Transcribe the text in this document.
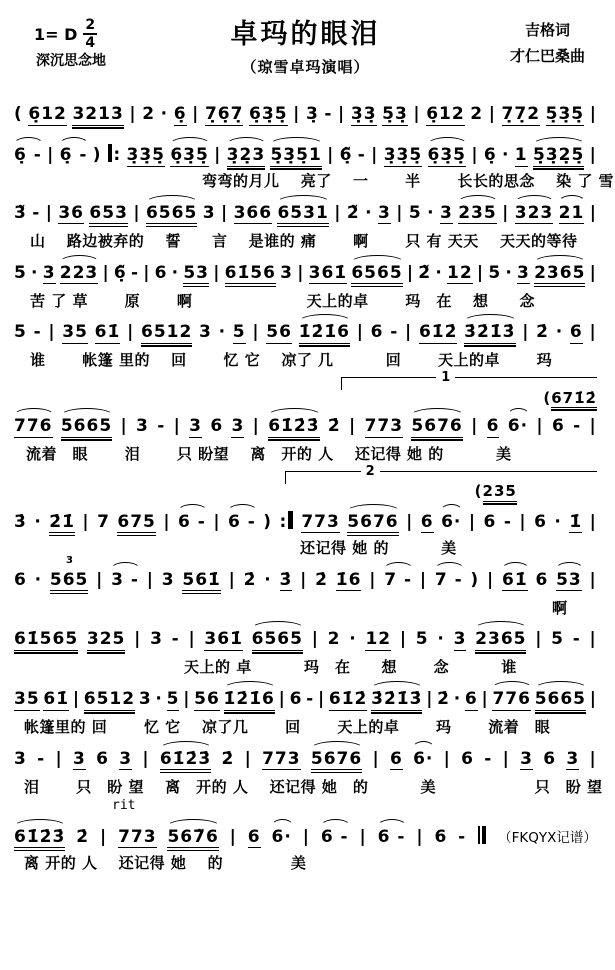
1= D $\frac{2}{4}$
深沉思念地
卓玛的眼泪
（琼雪卓玛演唱）
吉格词
才仁巴桑曲
( 6̣12 3213 | 2 · 6̣ | 7̣6̣7̣ 6̣3̣5̣ | 3̣ - | 3̣3̣ 5̣3̣ | 6̣12 2 | 7̣7̣2 5̣3̣5̣ |
6̣ - | 6̣ - ) : 3̣3̣5̣ 6̣3̣5̣ | 3̣2̣3 5̣3̣5̣1 | 6̣̃ - | 3̣3̣5̣ 6̣3̣5̣ | 6̣ · 1 5̣3̣2̣5̣ |
弯弯的月儿　 亮了　 一　　 半　　 长长的思念　 染 了 雪
3̃ - | 36 653 | 6565 3 | 366 6531 | 2̃ · 3 | 5 · 3 235 | 323 21 |
山　 路边被弃的　 誓　　言　 是谁的 痛　　 啊　　 只 有 天天　 天天的等待
5 · 3 223 | 6̣̃ - | 6 · 53 | 61̇56 3 | 361̇ 6565 | 2̃ · 12 | 5 · 3 2365 |
苦 了 草　　 原　　 啊　　　　　　　 天上的卓　　 玛　在　 想　　念
5 - | 35 61̇ | 6512 3 · 5 | 56 1̇2̇1̇6 | 6 - | 61̇2̇ 3̇2̇1̇3̇ | 2̇ · 6 |
谁　　 帐篷 里的　 回　　 忆 它　 凉了 几　　　 回　　 天上的卓　　 玛
1
( 671̇2̇
776 5665 | 3 - | 3 6 3 | 61̇2̇3̇ 2̇ | 773 5676 | 6 6· | 6 - |
流着　眼　　 泪　　 只 盼望　 离　开的 人　 还记得 她 的　　　 美
2
( 235
3̇ · 2̇1̇ | 7 675 | 6 - | 6 - ) : 773 5676 | 6 6· | 6 - | 6 · 1̇ |
还记得 她 的　　　 美
6 · 565
3
| 3 - | 3 561̇ | 2̇ · 3̇ | 2̇ 1̇6 | 7 - | 7 - ) | 61̇ 6 53 |
啊
61̇565 325 | 3 - | 361̇ 6565 | 2 · 12 | 5 · 3 2365 | 5 - |
天上的 卓　　　 玛　在　　想　　 念　　　 谁
35 61̇ | 6512 3 · 5 | 56 1̇2̇1̇6 | 6 - | 61̇2̇ 3̇2̇1̇3̇ | 2̇ · 6 | 776 5665 |
帐篷里的 回　　 忆 它　 凉了几　　 回　　 天上的卓　　 玛　　 流着　眼
3 - | 3 6 3 | 61̇2̇3̇ 2̇ | 773 5676 | 6 6· | 6 - | 3 6 3 |
泪　　 只　盼 望　 离　开的 人　 还记得 她　的　　　 美　　　　　　 只　盼 望
rit
61̇2̇3̇ 2̇ | 773 567̃6 | 6 6· | 6 - | 6 - | 6 - （FKQYX记谱）
离 开的 人　 还记得 她　 的　　　　 美
